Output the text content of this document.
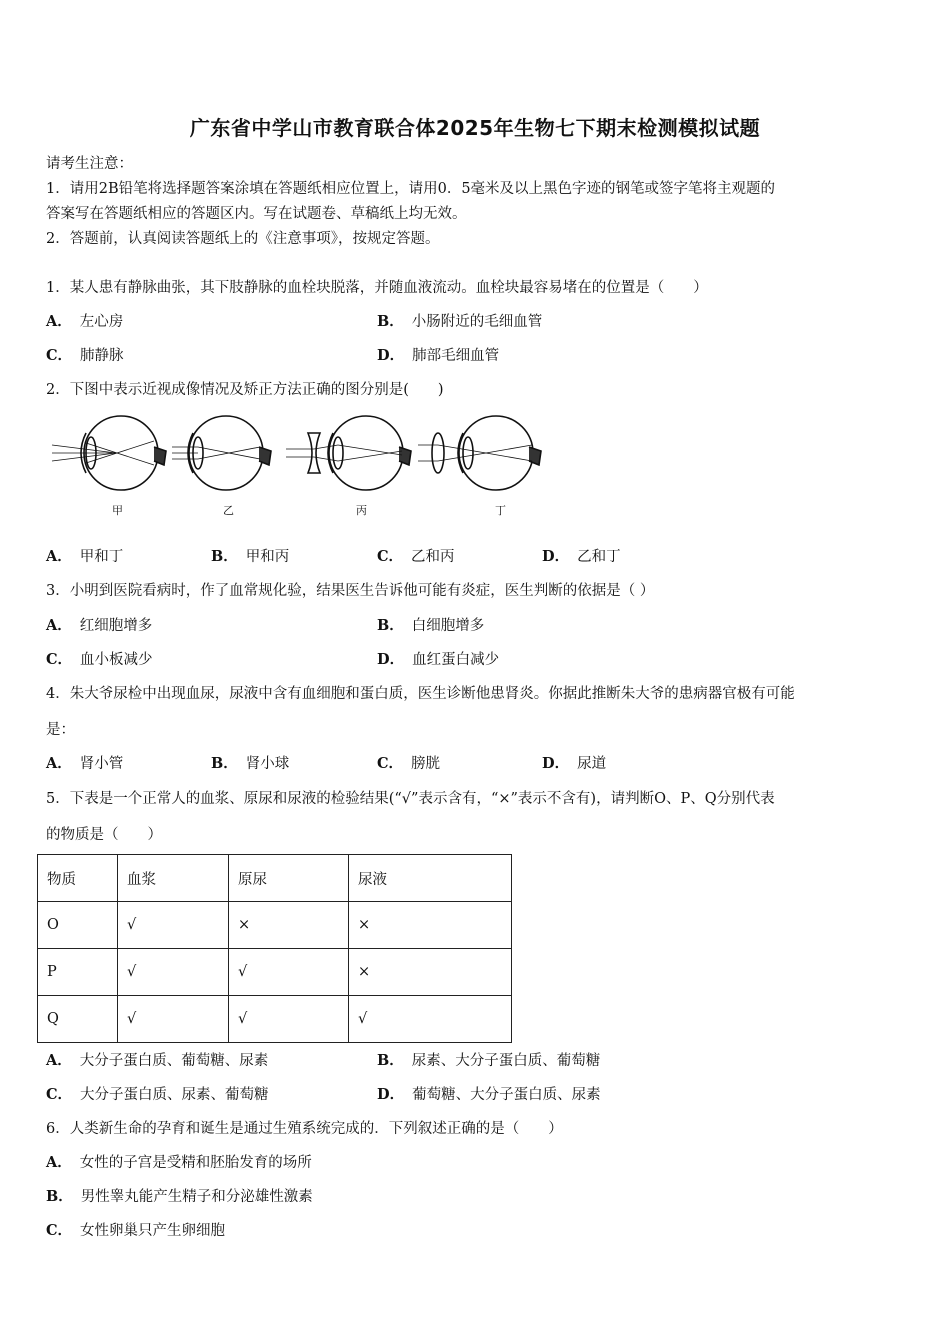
广东省中学山市教育联合体2025年生物七下期末检测模拟试题
请考生注意：
1．请用2B铅笔将选择题答案涂填在答题纸相应位置上，请用0．5毫米及以上黑色字迹的钢笔或签字笔将主观题的
答案写在答题纸相应的答题区内。写在试题卷、草稿纸上均无效。
2．答题前，认真阅读答题纸上的《注意事项》，按规定答题。
1．某人患有静脉曲张，其下肢静脉的血栓块脱落，并随血液流动。血栓块最容易堵在的位置是（　　）
A． 左心房	B． 小肠附近的毛细血管
C． 肺静脉	D． 肺部毛细血管
2．下图中表示近视成像情况及矫正方法正确的图分别是(　　)
甲	乙	丙	丁
A． 甲和丁	B． 甲和丙	C． 乙和丙	D． 乙和丁
3．小明到医院看病时，作了血常规化验，结果医生告诉他可能有炎症，医生判断的依据是（ ）
A． 红细胞增多	B． 白细胞增多
C． 血小板减少	D． 血红蛋白减少
4．朱大爷尿检中出现血尿，尿液中含有血细胞和蛋白质，医生诊断他患肾炎。你据此推断朱大爷的患病器官极有可能
是：
A． 肾小管	B． 肾小球	C． 膀胱	D． 尿道
5．下表是一个正常人的血浆、原尿和尿液的检验结果(“√”表示含有，“×”表示不含有)，请判断O、P、Q分别代表
的物质是（　　）
物质	血浆	原尿	尿液
O	√	×	×
P	√	√	×
Q	√	√	√
A． 大分子蛋白质、葡萄糖、尿素	B． 尿素、大分子蛋白质、葡萄糖
C． 大分子蛋白质、尿素、葡萄糖	D． 葡萄糖、大分子蛋白质、尿素
6．人类新生命的孕育和诞生是通过生殖系统完成的．下列叙述正确的是（　　）
A． 女性的子宫是受精和胚胎发育的场所
B． 男性睾丸能产生精子和分泌雄性激素
C． 女性卵巢只产生卵细胞
